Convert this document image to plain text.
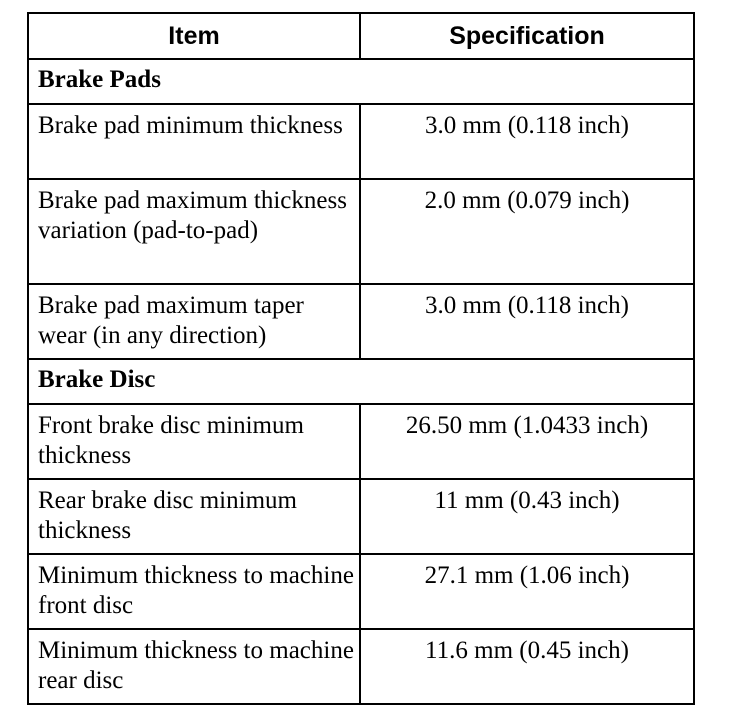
Item	Specification
Brake Pads	
Brake pad minimum thickness	3.0 mm (0.118 inch)
Brake pad maximum thickness variation (pad-to-pad)	2.0 mm (0.079 inch)
Brake pad maximum taper wear (in any direction)	3.0 mm (0.118 inch)
Brake Disc	
Front brake disc minimum thickness	26.50 mm (1.0433 inch)
Rear brake disc minimum thickness	11 mm (0.43 inch)
Minimum thickness to machine front disc	27.1 mm (1.06 inch)
Minimum thickness to machine rear disc	11.6 mm (0.45 inch)
